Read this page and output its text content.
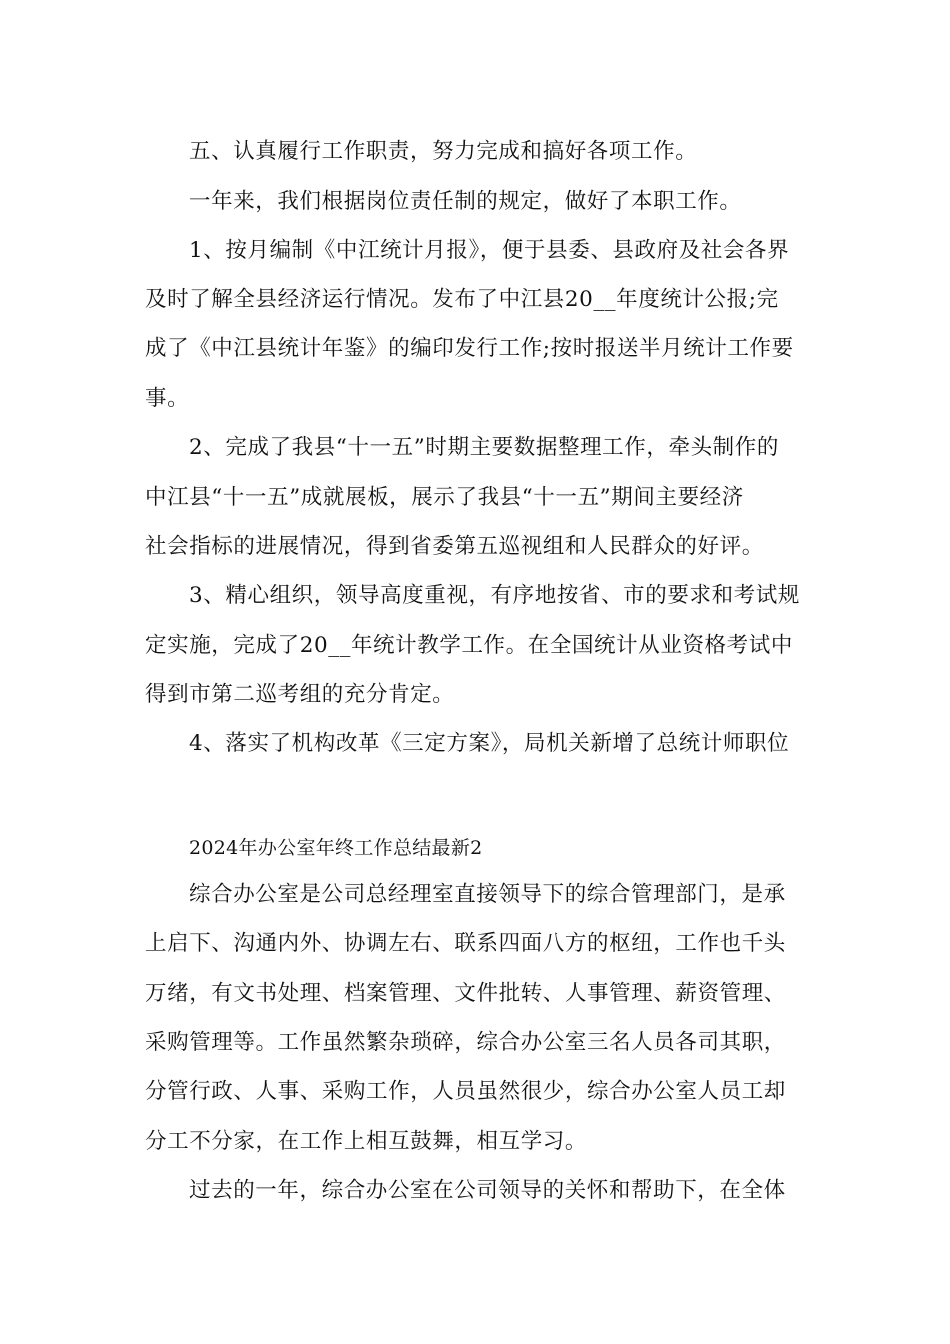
五、认真履行工作职责，努力完成和搞好各项工作。
一年来，我们根据岗位责任制的规定，做好了本职工作。
1、按月编制《中江统计月报》，便于县委、县政府及社会各界
及时了解全县经济运行情况。发布了中江县20__年度统计公报;完
成了《中江县统计年鉴》的编印发行工作;按时报送半月统计工作要
事。
2、完成了我县“十一五”时期主要数据整理工作，牵头制作的
中江县“十一五”成就展板，展示了我县“十一五”期间主要经济
社会指标的进展情况，得到省委第五巡视组和人民群众的好评。
3、精心组织，领导高度重视，有序地按省、市的要求和考试规
定实施，完成了20__年统计教学工作。在全国统计从业资格考试中
得到市第二巡考组的充分肯定。
4、落实了机构改革《三定方案》，局机关新增了总统计师职位
2024年办公室年终工作总结最新2
综合办公室是公司总经理室直接领导下的综合管理部门，是承
上启下、沟通内外、协调左右、联系四面八方的枢纽，工作也千头
万绪，有文书处理、档案管理、文件批转、人事管理、薪资管理、
采购管理等。工作虽然繁杂琐碎，综合办公室三名人员各司其职，
分管行政、人事、采购工作，人员虽然很少，综合办公室人员工却
分工不分家，在工作上相互鼓舞，相互学习。
过去的一年，综合办公室在公司领导的关怀和帮助下，在全体
